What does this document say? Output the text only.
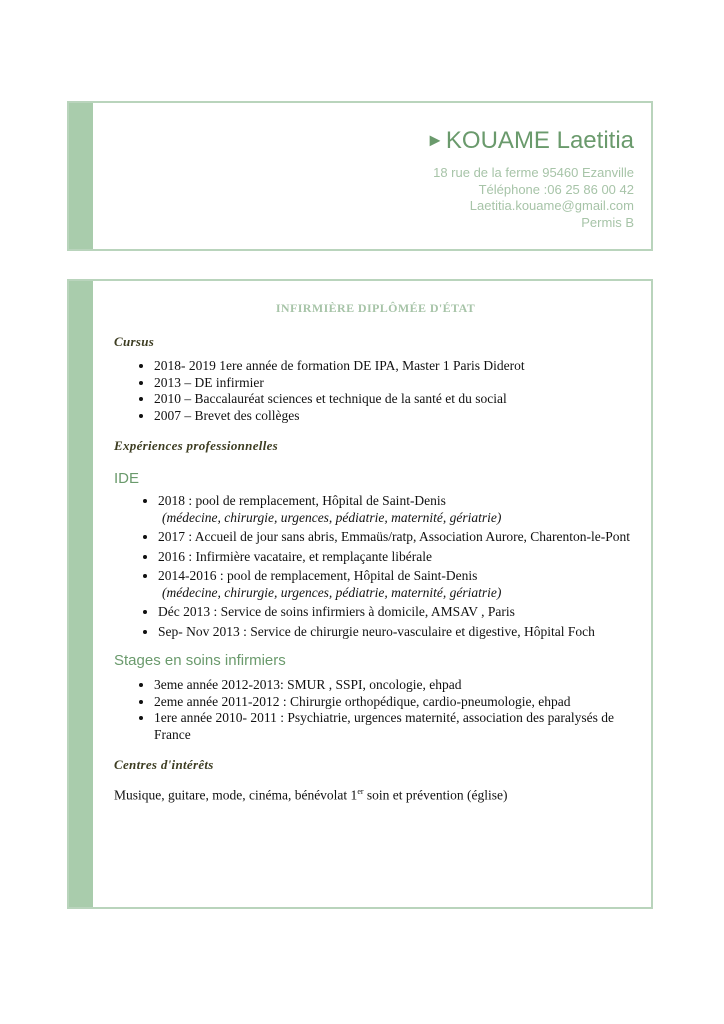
►KOUAME Laetitia
18 rue de la ferme 95460 Ezanville
Téléphone :06 25 86 00 42
Laetitia.kouame@gmail.com
Permis B
INFIRMIÈRE DIPLÔMÉE D'ÉTAT
Cursus
• 2018- 2019 1ere année de formation DE IPA, Master 1 Paris Diderot
• 2013 – DE infirmier
• 2010 – Baccalauréat sciences et technique de la santé et du social
• 2007 – Brevet des collèges
Expériences professionnelles
IDE
• 2018 : pool de remplacement, Hôpital de Saint-Denis
(médecine, chirurgie, urgences, pédiatrie, maternité, gériatrie)
• 2017 : Accueil de jour sans abris, Emmaüs/ratp, Association Aurore, Charenton-le-Pont
• 2016 : Infirmière vacataire, et remplaçante libérale
• 2014-2016 : pool de remplacement, Hôpital de Saint-Denis
(médecine, chirurgie, urgences, pédiatrie, maternité, gériatrie)
• Déc 2013 : Service de soins infirmiers à domicile, AMSAV , Paris
• Sep- Nov 2013 : Service de chirurgie neuro-vasculaire et digestive, Hôpital Foch
Stages en soins infirmiers
• 3eme année 2012-2013: SMUR , SSPI, oncologie, ehpad
• 2eme année 2011-2012 : Chirurgie orthopédique, cardio-pneumologie, ehpad
• 1ere année 2010- 2011 : Psychiatrie, urgences maternité, association des paralysés de France
Centres d'intérêts
Musique, guitare, mode, cinéma, bénévolat 1er soin et prévention (église)
